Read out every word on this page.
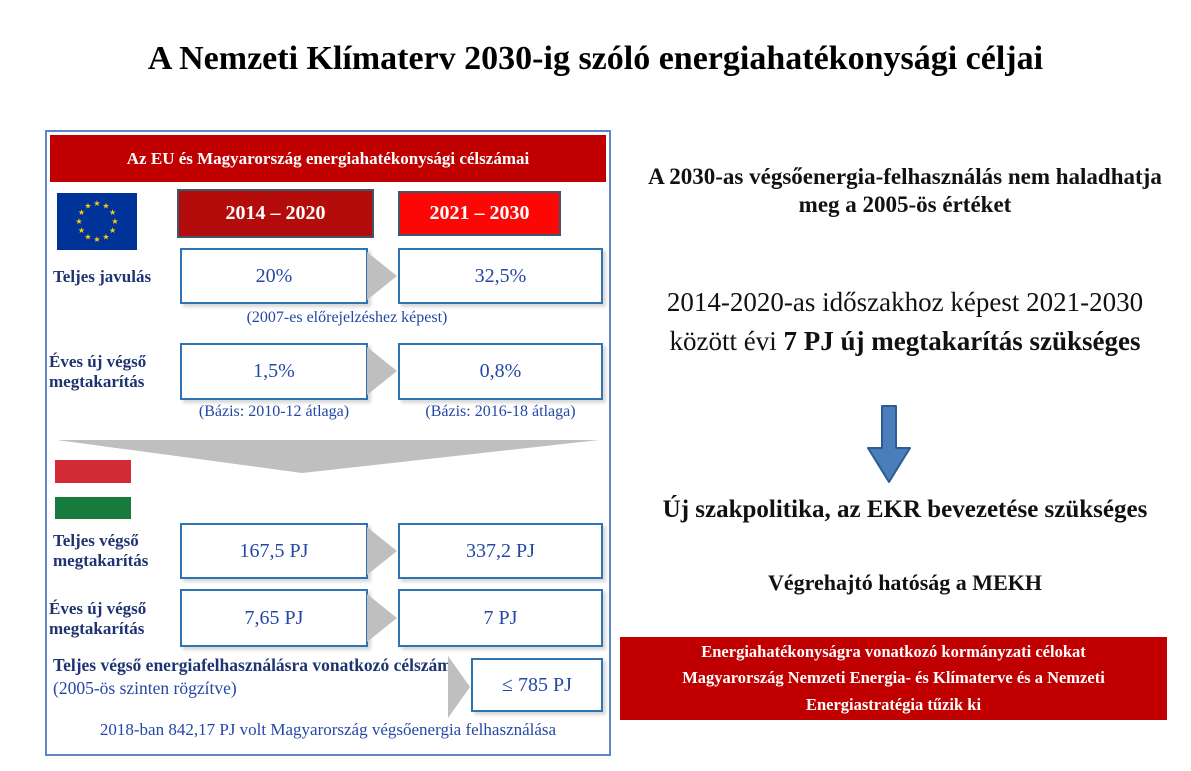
A Nemzeti Klímaterv 2030-ig szóló energiahatékonysági céljai
Az EU és Magyarország energiahatékonysági célszámai
★ ★
★
★
★
★
★
★
★
★
★
★	2014 – 2020	2021 – 2030
Teljes javulás	20%	32,5%
(2007-es előrejelzéshez képest)
Éves új végső megtakarítás	1,5%	0,8%
(Bázis: 2010-12 átlaga)	(Bázis: 2016-18 átlaga)
Teljes végső megtakarítás	167,5 PJ	337,2 PJ
Éves új végső megtakarítás	7,65 PJ	7 PJ
Teljes végső energiafelhasználásra vonatkozó célszám (2005-ös szinten rögzítve)	≤ 785 PJ
2018-ban 842,17 PJ volt Magyarország végsőenergia felhasználása
A 2030-as végsőenergia-felhasználás nem haladhatja meg a 2005-ös értéket
2014-2020-as időszakhoz képest 2021-2030 között évi 7 PJ új megtakarítás szükséges
Új szakpolitika, az EKR bevezetése szükséges
Végrehajtó hatóság a MEKH
Energiahatékonyságra vonatkozó kormányzati célokat Magyarország Nemzeti Energia- és Klímaterve és a Nemzeti Energiastratégia tűzik ki
